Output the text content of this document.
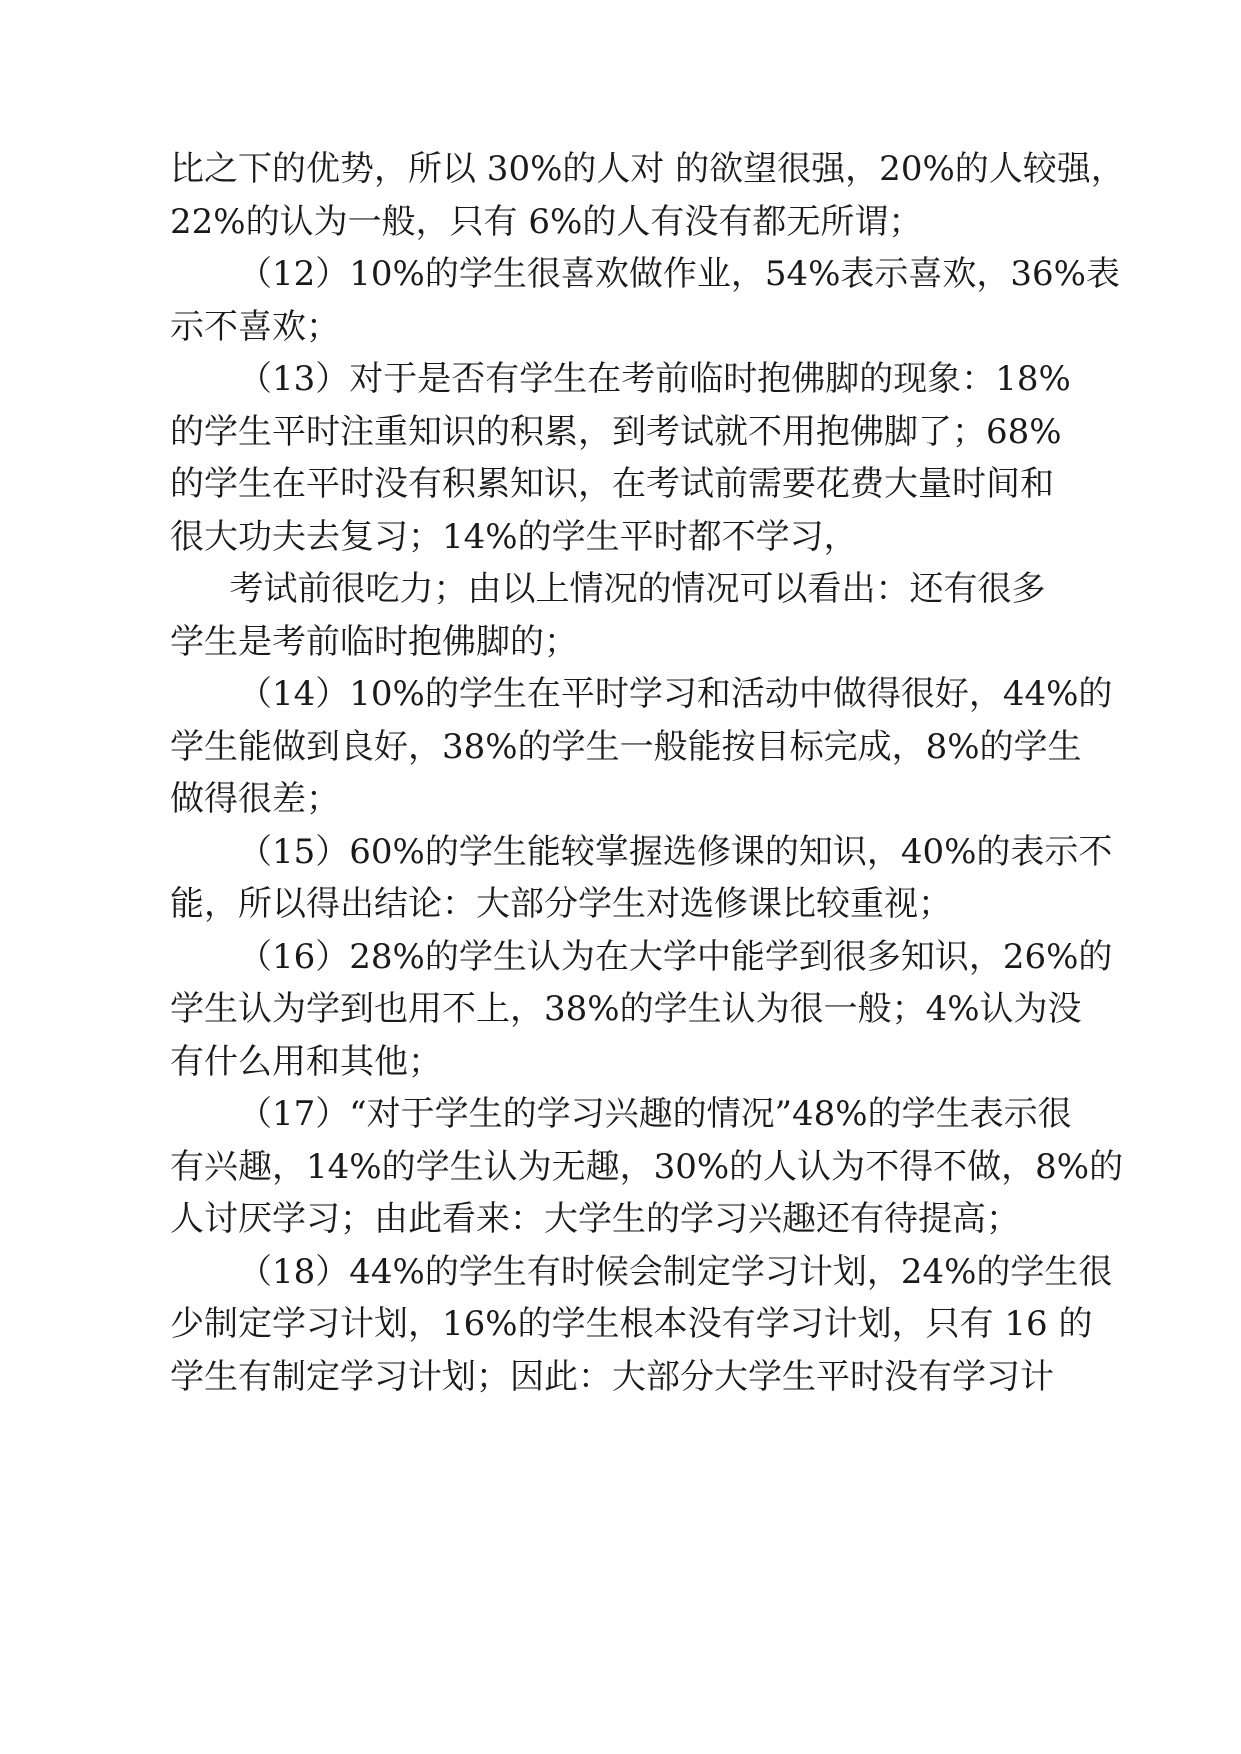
比之下的优势，所以 30%的人对 的欲望很强，20%的人较强，
22%的认为一般，只有 6%的人有没有都无所谓；

（12）10%的学生很喜欢做作业，54%表示喜欢，36%表
示不喜欢；

（13）对于是否有学生在考前临时抱佛脚的现象：18%
的学生平时注重知识的积累，到考试就不用抱佛脚了；68%
的学生在平时没有积累知识，在考试前需要花费大量时间和
很大功夫去复习；14%的学生平时都不学习，

考试前很吃力；由以上情况的情况可以看出：还有很多
学生是考前临时抱佛脚的；

（14）10%的学生在平时学习和活动中做得很好，44%的
学生能做到良好，38%的学生一般能按目标完成，8%的学生
做得很差；

（15）60%的学生能较掌握选修课的知识，40%的表示不
能，所以得出结论：大部分学生对选修课比较重视；

（16）28%的学生认为在大学中能学到很多知识，26%的
学生认为学到也用不上，38%的学生认为很一般；4%认为没
有什么用和其他；

（17）“对于学生的学习兴趣的情况”48%的学生表示很
有兴趣，14%的学生认为无趣，30%的人认为不得不做，8%的
人讨厌学习；由此看来：大学生的学习兴趣还有待提高；

（18）44%的学生有时候会制定学习计划，24%的学生很
少制定学习计划，16%的学生根本没有学习计划，只有 16 的
学生有制定学习计划；因此：大部分大学生平时没有学习计
